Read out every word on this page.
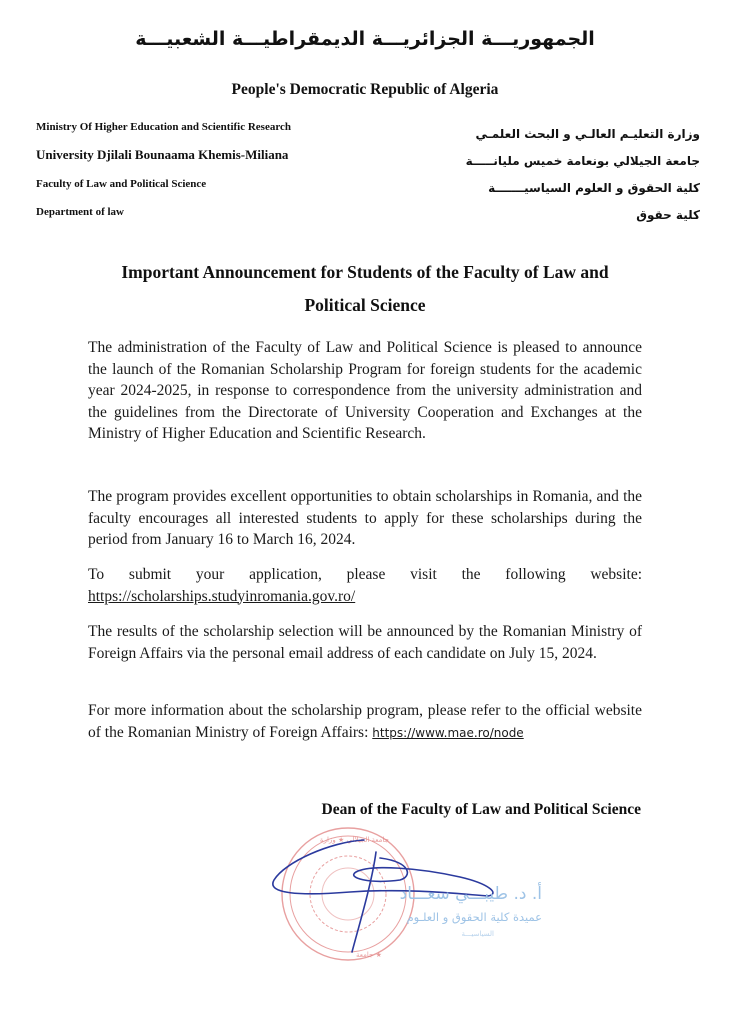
الجمهوريـــة الجزائريـــة الديمقراطيـــة الشعبيـــة
People's Democratic Republic of Algeria
Ministry Of Higher Education and Scientific Research
University Djilali Bounaama Khemis-Miliana
Faculty of Law and Political Science
Department of law
وزارة التعليـم العالـي و البحث العلمـي
جامعة الجيلالي بونعامة خميس مليانـــــة
كلية الحقوق و العلوم السياسيـــــــة
كلية حقوق
Important Announcement for Students of the Faculty of Law and
Political Science

The administration of the Faculty of Law and Political Science is pleased to announce the launch of the Romanian Scholarship Program for foreign students for the academic year 2024-2025, in response to correspondence from the university administration and the guidelines from the Directorate of University Cooperation and Exchanges at the Ministry of Higher Education and Scientific Research.

The program provides excellent opportunities to obtain scholarships in Romania, and the faculty encourages all interested students to apply for these scholarships during the period from January 16 to March 16, 2024.

To submit your application, please visit the following website:
https://scholarships.studyinromania.gov.ro/

The results of the scholarship selection will be announced by the Romanian Ministry of Foreign Affairs via the personal email address of each candidate on July 15, 2024.

For more information about the scholarship program, please refer to the official website of the Romanian Ministry of Foreign Affairs: https://www.mae.ro/node

Dean of the Faculty of Law and Political Science
جامعة الجيلالي ★ وزارة
جامعة ★
أ. د. طيبـــي سعـــاد
عميدة كلية الحقوق و العلـوم
السياسيـــة
